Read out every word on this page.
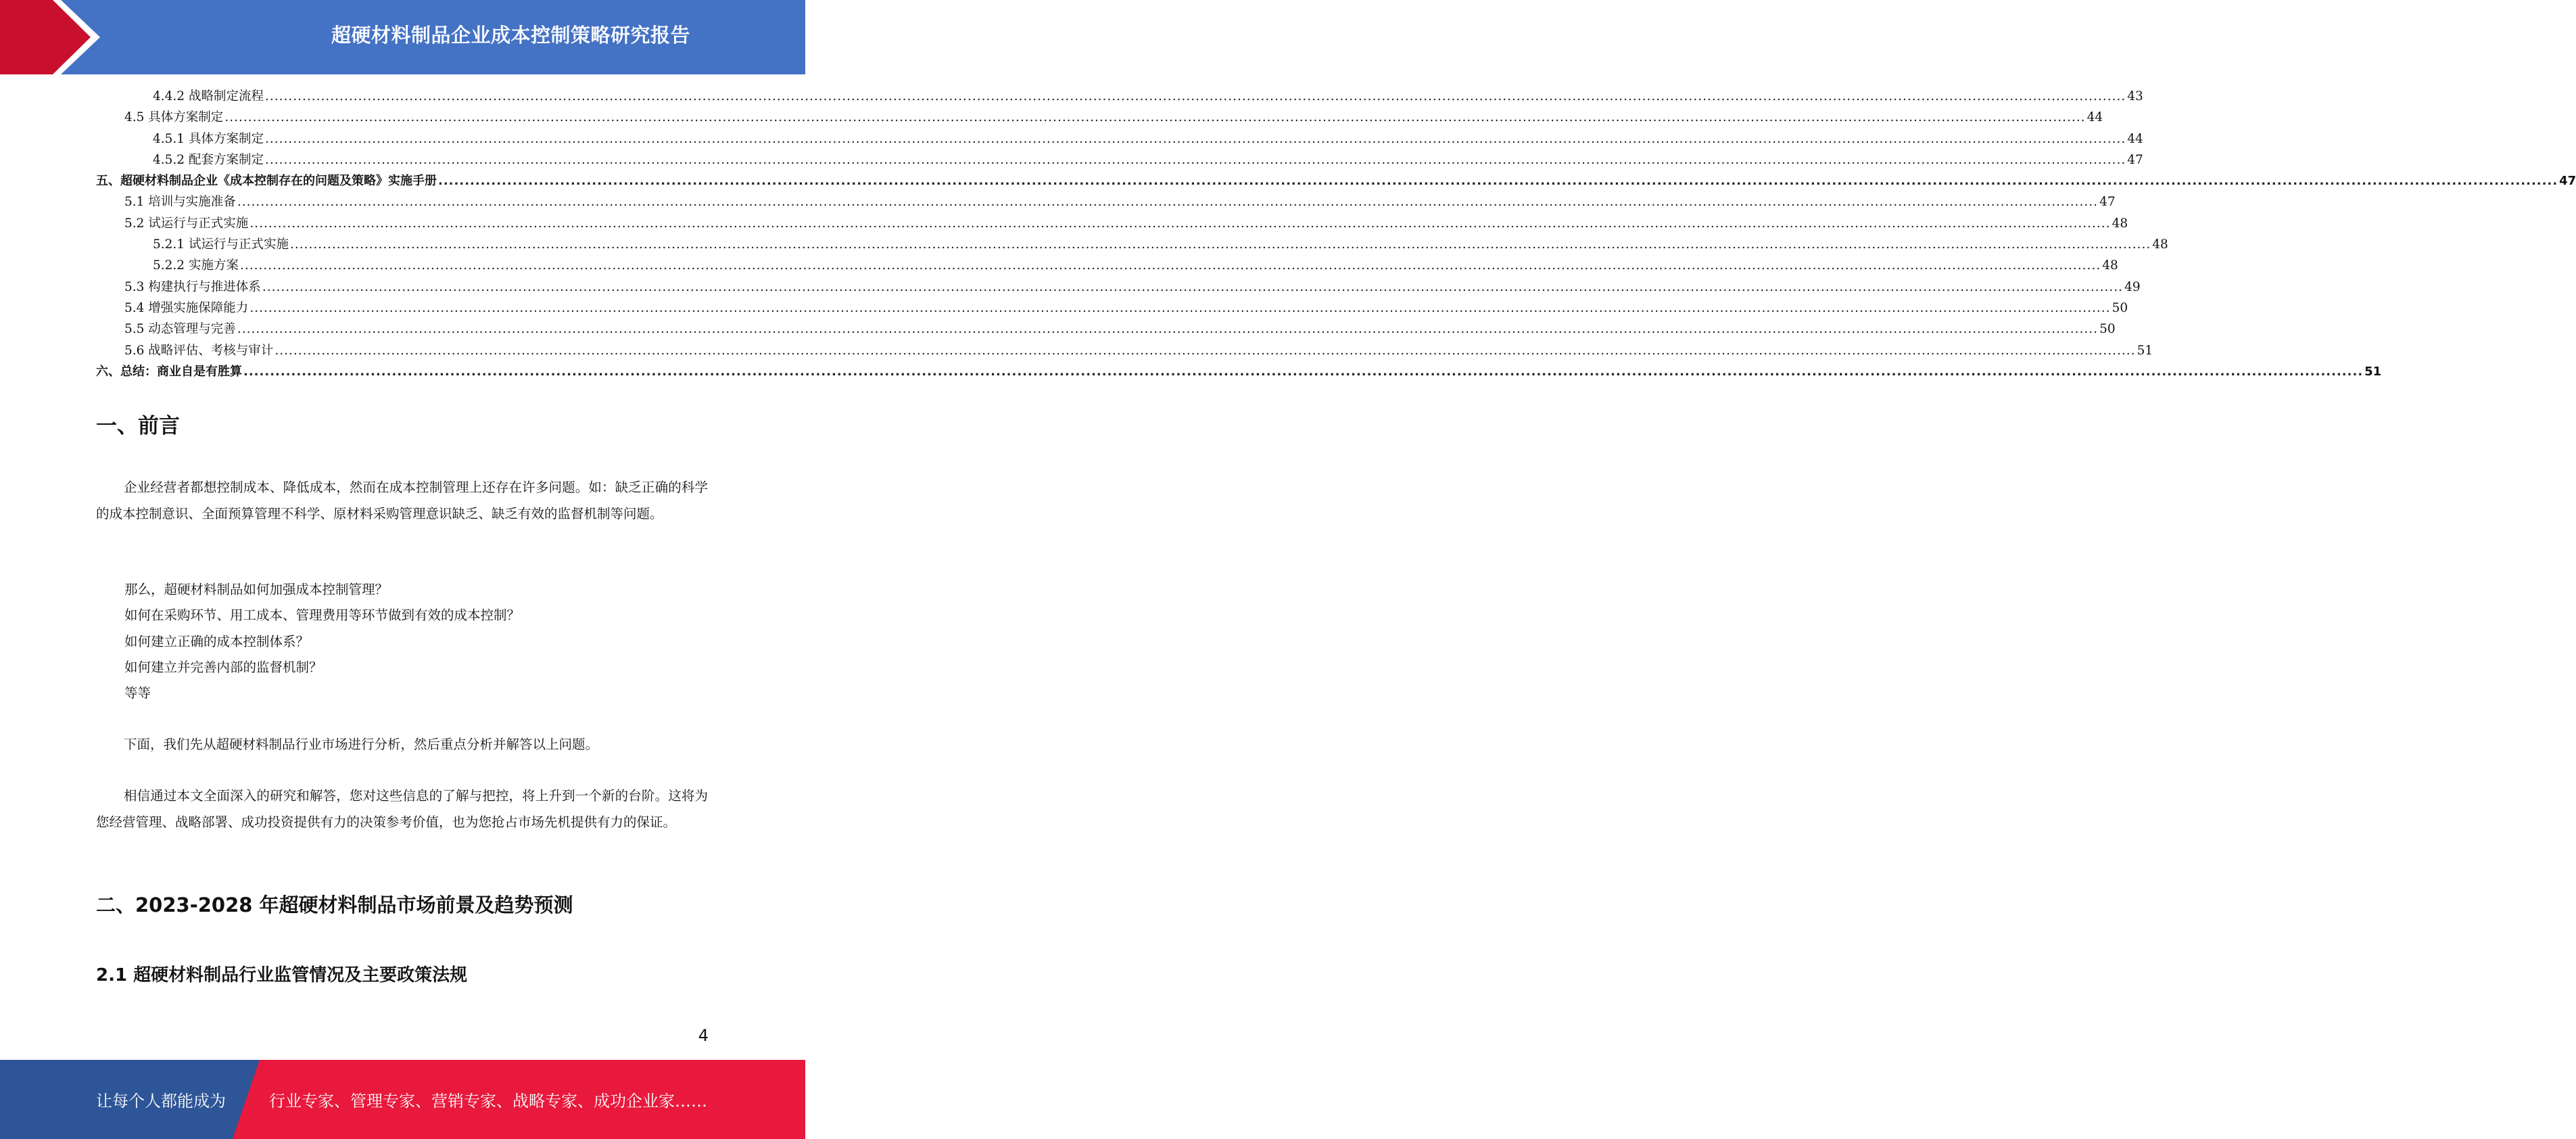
超硬材料制品企业成本控制策略研究报告
4.4.2 战略制定流程 ................................................................................................................................................................................................................................................................................................................................................................................................................ 43
4.5 具体方案制定 ................................................................................................................................................................................................................................................................................................................................................................................................................ 44
4.5.1 具体方案制定 ................................................................................................................................................................................................................................................................................................................................................................................................................ 44
4.5.2 配套方案制定 ................................................................................................................................................................................................................................................................................................................................................................................................................ 47
五、超硬材料制品企业《成本控制存在的问题及策略》实施手册 ................................................................................................................................................................................................................................................................................................................................................................................................................ 47
5.1 培训与实施准备 ................................................................................................................................................................................................................................................................................................................................................................................................................ 47
5.2 试运行与正式实施 ................................................................................................................................................................................................................................................................................................................................................................................................................ 48
5.2.1 试运行与正式实施 ................................................................................................................................................................................................................................................................................................................................................................................................................ 48
5.2.2 实施方案 ................................................................................................................................................................................................................................................................................................................................................................................................................ 48
5.3 构建执行与推进体系 ................................................................................................................................................................................................................................................................................................................................................................................................................ 49
5.4 增强实施保障能力 ................................................................................................................................................................................................................................................................................................................................................................................................................ 50
5.5 动态管理与完善 ................................................................................................................................................................................................................................................................................................................................................................................................................ 50
5.6 战略评估、考核与审计 ................................................................................................................................................................................................................................................................................................................................................................................................................ 51
六、总结：商业自是有胜算 ................................................................................................................................................................................................................................................................................................................................................................................................................ 51
一、前言
企业经营者都想控制成本、降低成本，然而在成本控制管理上还存在许多问题。如：缺乏正确的科学的成本控制意识、全面预算管理不科学、原材料采购管理意识缺乏、缺乏有效的监督机制等问题。
那么，超硬材料制品如何加强成本控制管理？
如何在采购环节、用工成本、管理费用等环节做到有效的成本控制？
如何建立正确的成本控制体系？
如何建立并完善内部的监督机制？
等等
下面，我们先从超硬材料制品行业市场进行分析，然后重点分析并解答以上问题。
相信通过本文全面深入的研究和解答，您对这些信息的了解与把控，将上升到一个新的台阶。这将为您经营管理、战略部署、成功投资提供有力的决策参考价值，也为您抢占市场先机提供有力的保证。
二、2023-2028 年超硬材料制品市场前景及趋势预测
2.1 超硬材料制品行业监管情况及主要政策法规
4
让每个人都能成为	行业专家、管理专家、营销专家、战略专家、成功企业家……
